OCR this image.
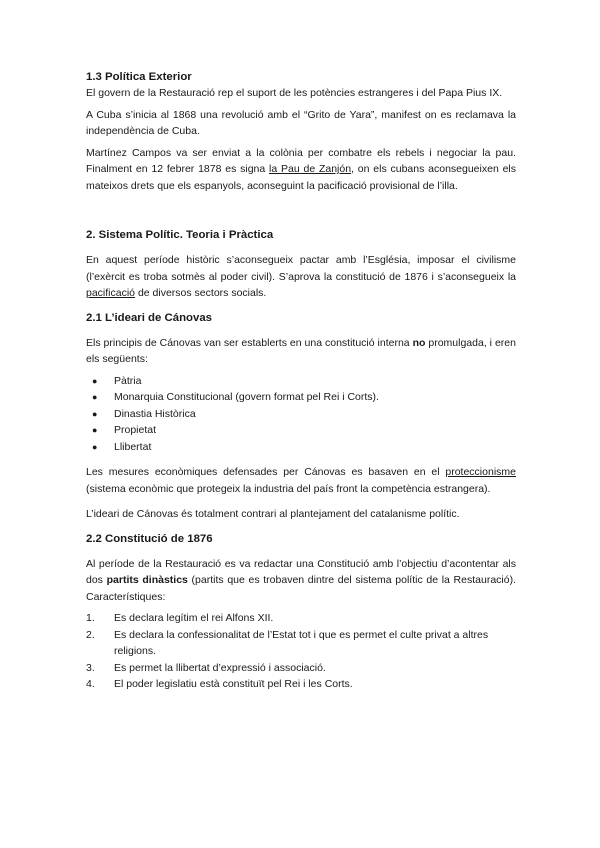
1.3 Política Exterior

El govern de la Restauració rep el suport de les potències estrangeres i del Papa Pius IX.

A Cuba s’inicia al 1868 una revolució amb el “Grito de Yara”, manifest on es reclamava la independència de Cuba.

Martínez Campos va ser enviat a la colònia per combatre els rebels i negociar la pau. Finalment en 12 febrer 1878 es signa la Pau de Zanjón, on els cubans aconsegueixen els mateixos drets que els espanyols, aconseguint la pacificació provisional de l’illa.

2. Sistema Polític. Teoria i Pràctica

En aquest període històric s’aconsegueix pactar amb l’Església, imposar el civilisme (l’exèrcit es troba sotmès al poder civil). S’aprova la constitució de 1876 i s’aconsegueix la pacificació de diversos sectors socials.

2.1 L’ideari de Cánovas

Els principis de Cánovas van ser establerts en una constitució interna no promulgada, i eren els següents:

● Pàtria
● Monarquia Constitucional (govern format pel Rei i Corts).
● Dinastia Històrica
● Propietat
● Llibertat

Les mesures econòmiques defensades per Cánovas es basaven en el proteccionisme (sistema econòmic que protegeix la industria del país front la competència estrangera).

L’ideari de Cánovas és totalment contrari al plantejament del catalanisme polític.

2.2 Constitució de 1876

Al període de la Restauració es va redactar una Constitució amb l’objectiu d’acontentar als dos partits dinàstics (partits que es trobaven dintre del sistema polític de la Restauració). Característiques:

1.	Es declara legítim el rei Alfons XII.
2.	Es declara la confessionalitat de l’Estat tot i que es permet el culte privat a altres religions.
3.	Es permet la llibertat d’expressió i associació.
4.	El poder legislatiu està constituït pel Rei i les Corts.
